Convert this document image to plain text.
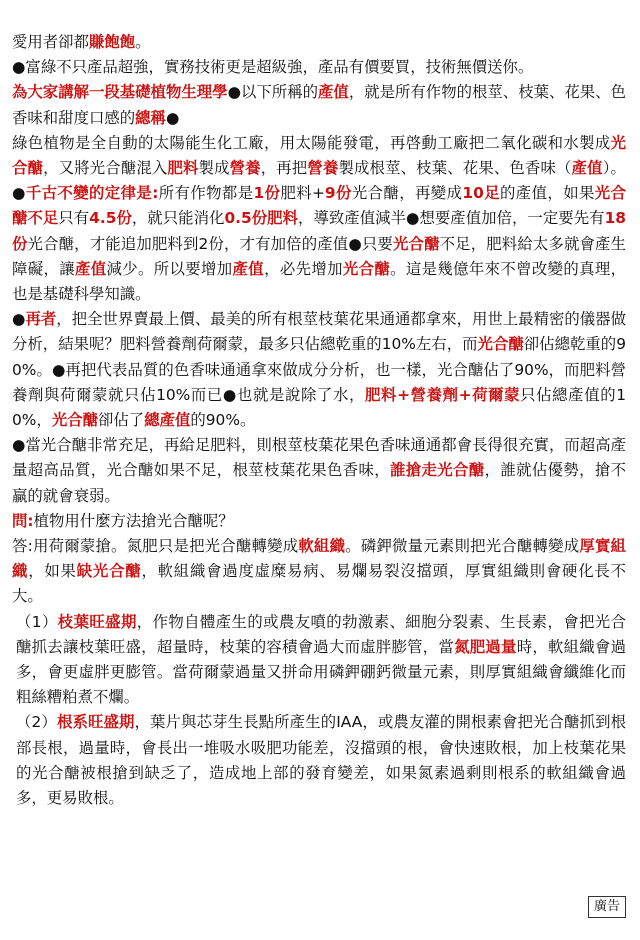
愛用者卻都賺飽飽。

●富綠不只產品超強，實務技術更是超級強，產品有價要買，技術無價送你。

為大家講解一段基礎植物生理學●以下所稱的產值，就是所有作物的根莖、枝葉、花果、色香味和甜度口感的總稱●

綠色植物是全自動的太陽能生化工廠，用太陽能發電，再啓動工廠把二氧化碳和水製成光合醣，又將光合醣混入肥料製成營養，再把營養製成根莖、枝葉、花果、色香味（產值）。●千古不變的定律是:所有作物都是1份肥料+9份光合醣，再變成10足的產值，如果光合醣不足只有4.5份，就只能消化0.5份肥料，導致產值減半●想要產值加倍，一定要先有18份光合醣，才能追加肥料到2份，才有加倍的產值●只要光合醣不足，肥料給太多就會產生障礙，讓產值減少。所以要增加產值，必先增加光合醣。這是幾億年來不曾改變的真理，也是基礎科學知識。

●再者，把全世界賣最上價、最美的所有根莖枝葉花果通通都拿來，用世上最精密的儀器做分析，結果呢？肥料營養劑荷爾蒙，最多只佔總乾重的10%左右，而光合醣卻佔總乾重的90%。●再把代表品質的色香味通通拿來做成分分析，也一樣，光合醣佔了90%，而肥料營養劑與荷爾蒙就只佔10%而已●也就是說除了水，肥料+營養劑+荷爾蒙只佔總產值的10%，光合醣卻佔了總產值的90%。

●當光合醣非常充足，再給足肥料，則根莖枝葉花果色香味通通都會長得很充實，而超高產量超高品質，光合醣如果不足，根莖枝葉花果色香味，誰搶走光合醣，誰就佔優勢，搶不贏的就會衰弱。

問:植物用什麼方法搶光合醣呢？

答:用荷爾蒙搶。氮肥只是把光合醣轉變成軟組織。磷鉀微量元素則把光合醣轉變成厚實組織，如果缺光合醣，軟組織會過度虛糜易病、易爛易裂沒擋頭，厚實組織則會硬化長不大。

（1）枝葉旺盛期，作物自體產生的或農友噴的勃激素、細胞分裂素、生長素，會把光合醣抓去讓枝葉旺盛，超量時，枝葉的容積會過大而虛胖膨管，當氮肥過量時，軟組織會過多，會更虛胖更膨管。當荷爾蒙過量又拼命用磷鉀硼鈣微量元素，則厚實組織會纖維化而粗絲糟粕煮不爛。

（2）根系旺盛期，葉片與芯芽生長點所產生的IAA，或農友灌的開根素會把光合醣抓到根部長根，過量時，會長出一堆吸水吸肥功能差，沒擋頭的根，會快速敗根，加上枝葉花果的光合醣被根搶到缺乏了，造成地上部的發育變差，如果氮素過剩則根系的軟組織會過多，更易敗根。

廣告
